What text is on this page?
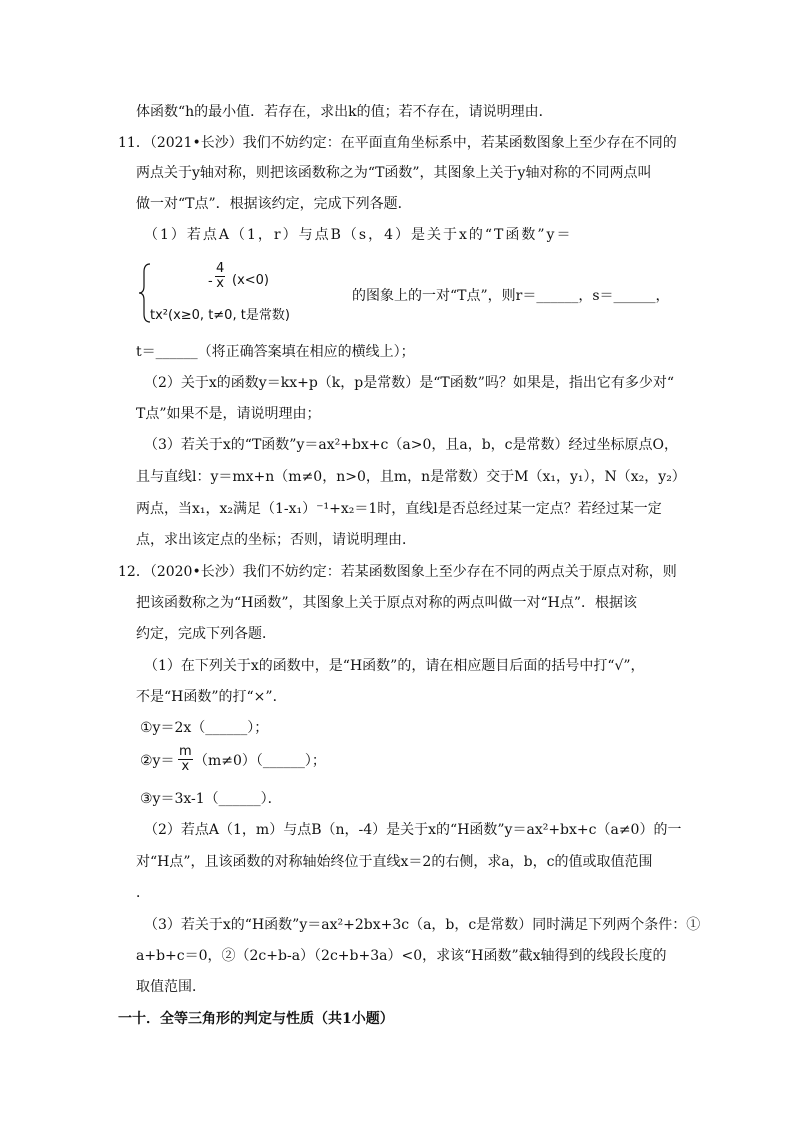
体函数“h的最小值．若存在，求出k的值；若不存在，请说明理由．
11．（2021•长沙）我们不妨约定：在平面直角坐标系中，若某函数图象上至少存在不同的
两点关于y轴对称，则把该函数称之为“T函数”，其图象上关于y轴对称的不同两点叫
做一对“T点”．根据该约定，完成下列各题．
（1）若点A（1，r）与点B（s，4）是关于x的“T函数”y＝
- $\frac{4}{x} (x<0)$
tx²(x≥0, t≠0, t是常数)
的图象上的一对“T点”，则r＝______，s＝______，
t＝______（将正确答案填在相应的横线上）；
（2）关于x的函数y＝kx+p（k，p是常数）是“T函数”吗？如果是，指出它有多少对“
T点”如果不是，请说明理由；
（3）若关于x的“T函数”y＝ax²+bx+c（a>0，且a，b，c是常数）经过坐标原点O，
且与直线l：y＝mx+n（m≠0，n>0，且m，n是常数）交于M（x₁，y₁），N（x₂，y₂）
两点，当x₁，x₂满足（1-x₁）⁻¹+x₂＝1时，直线l是否总经过某一定点？若经过某一定
点，求出该定点的坐标；否则，请说明理由．
12．（2020•长沙）我们不妨约定：若某函数图象上至少存在不同的两点关于原点对称，则
把该函数称之为“H函数”，其图象上关于原点对称的两点叫做一对“H点”．根据该
约定，完成下列各题．
（1）在下列关于x的函数中，是“H函数”的，请在相应题目后面的括号中打“√”，
不是“H函数”的打“×”．
①y＝2x（______）；
②y＝ $\frac{m}{x}$ （m≠0）（______）；
③y＝3x-1（______）．
（2）若点A（1，m）与点B（n，-4）是关于x的“H函数”y＝ax²+bx+c（a≠0）的一
对“H点”，且该函数的对称轴始终位于直线x＝2的右侧，求a，b，c的值或取值范围
．
（3）若关于x的“H函数”y＝ax²+2bx+3c（a，b，c是常数）同时满足下列两个条件：①
a+b+c＝0，②（2c+b-a）（2c+b+3a）<0，求该“H函数”截x轴得到的线段长度的
取值范围．
一十．全等三角形的判定与性质（共1小题）
